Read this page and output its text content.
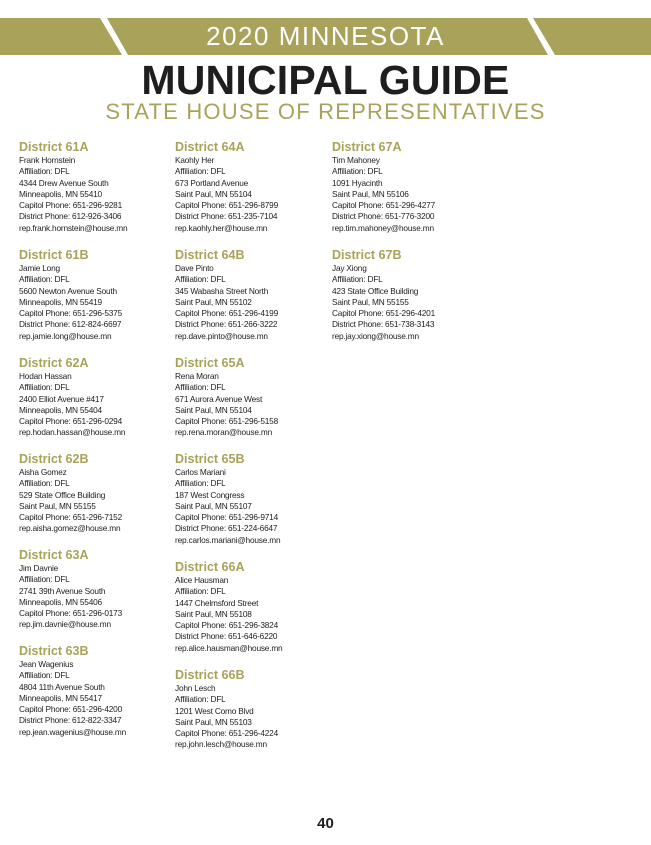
2020 MINNESOTA
MUNICIPAL GUIDE
STATE HOUSE OF REPRESENTATIVES
District 61A
Frank Hornstein
Affiliation: DFL
4344 Drew Avenue South
Minneapolis, MN 55410
Capitol Phone: 651-296-9281
District Phone: 612-926-3406
rep.frank.hornstein@house.mn
District 61B
Jamie Long
Affiliation: DFL
5600 Newton Avenue South
Minneapolis, MN 55419
Capitol Phone: 651-296-5375
District Phone: 612-824-6697
rep.jamie.long@house.mn
District 62A
Hodan Hassan
Affiliation: DFL
2400 Elliot Avenue #417
Minneapolis, MN 55404
Capitol Phone: 651-296-0294
rep.hodan.hassan@house.mn
District 62B
Aisha Gomez
Affiliation: DFL
529 State Office Building
Saint Paul, MN 55155
Capitol Phone: 651-296-7152
rep.aisha.gomez@house.mn
District 63A
Jim Davnie
Affiliation: DFL
2741 39th Avenue South
Minneapolis, MN 55406
Capitol Phone: 651-296-0173
rep.jim.davnie@house.mn
District 63B
Jean Wagenius
Affiliation: DFL
4804 11th Avenue South
Minneapolis, MN 55417
Capitol Phone: 651-296-4200
District Phone: 612-822-3347
rep.jean.wagenius@house.mn
District 64A
Kaohly Her
Affiliation: DFL
673 Portland Avenue
Saint Paul, MN 55104
Capitol Phone: 651-296-8799
District Phone: 651-235-7104
rep.kaohly.her@house.mn
District 64B
Dave Pinto
Affiliation: DFL
345 Wabasha Street North
Saint Paul, MN 55102
Capitol Phone: 651-296-4199
District Phone: 651-266-3222
rep.dave.pinto@house.mn
District 65A
Rena Moran
Affiliation: DFL
671 Aurora Avenue West
Saint Paul, MN 55104
Capitol Phone: 651-296-5158
rep.rena.moran@house.mn
District 65B
Carlos Mariani
Affiliation: DFL
187 West Congress
Saint Paul, MN 55107
Capitol Phone: 651-296-9714
District Phone: 651-224-6647
rep.carlos.mariani@house.mn
District 66A
Alice Hausman
Affiliation: DFL
1447 Chelmsford Street
Saint Paul, MN 55108
Capitol Phone: 651-296-3824
District Phone: 651-646-6220
rep.alice.hausman@house.mn
District 66B
John Lesch
Affiliation: DFL
1201 West Como Blvd
Saint Paul, MN 55103
Capitol Phone: 651-296-4224
rep.john.lesch@house.mn
District 67A
Tim Mahoney
Affiliation: DFL
1091 Hyacinth
Saint Paul, MN 55106
Capitol Phone: 651-296-4277
District Phone: 651-776-3200
rep.tim.mahoney@house.mn
District 67B
Jay Xiong
Affiliation: DFL
423 State Office Building
Saint Paul, MN 55155
Capitol Phone: 651-296-4201
District Phone: 651-738-3143
rep.jay.xiong@house.mn
40
